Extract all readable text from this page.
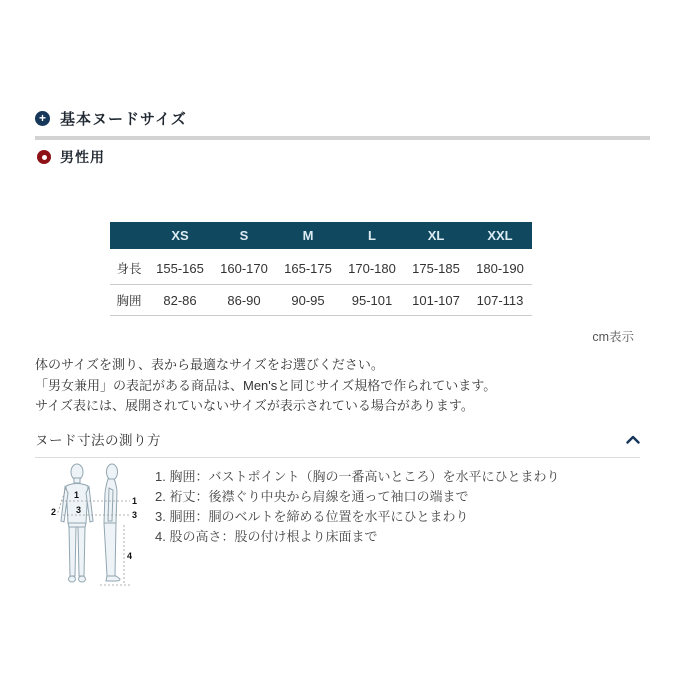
+ 基本ヌードサイズ
男性用
	XS	S	M	L	XL	XXL
身長	155-165	160-170	165-175	170-180	175-185	180-190
胸囲	82-86	86-90	90-95	95-101	101-107	107-113
cm表示
体のサイズを測り、表から最適なサイズをお選びください。
「男女兼用」の表記がある商品は、Men'sと同じサイズ規格で作られています。
サイズ表には、展開されていないサイズが表示されている場合があります。
ヌード寸法の測り方
1
2 3
1
3
4
1. 胸囲：バストポイント（胸の一番高いところ）を水平にひとまわり
2. 裄丈：後襟ぐり中央から肩線を通って袖口の端まで
3. 胴囲：胴のベルトを締める位置を水平にひとまわり
4. 股の高さ：股の付け根より床面まで
